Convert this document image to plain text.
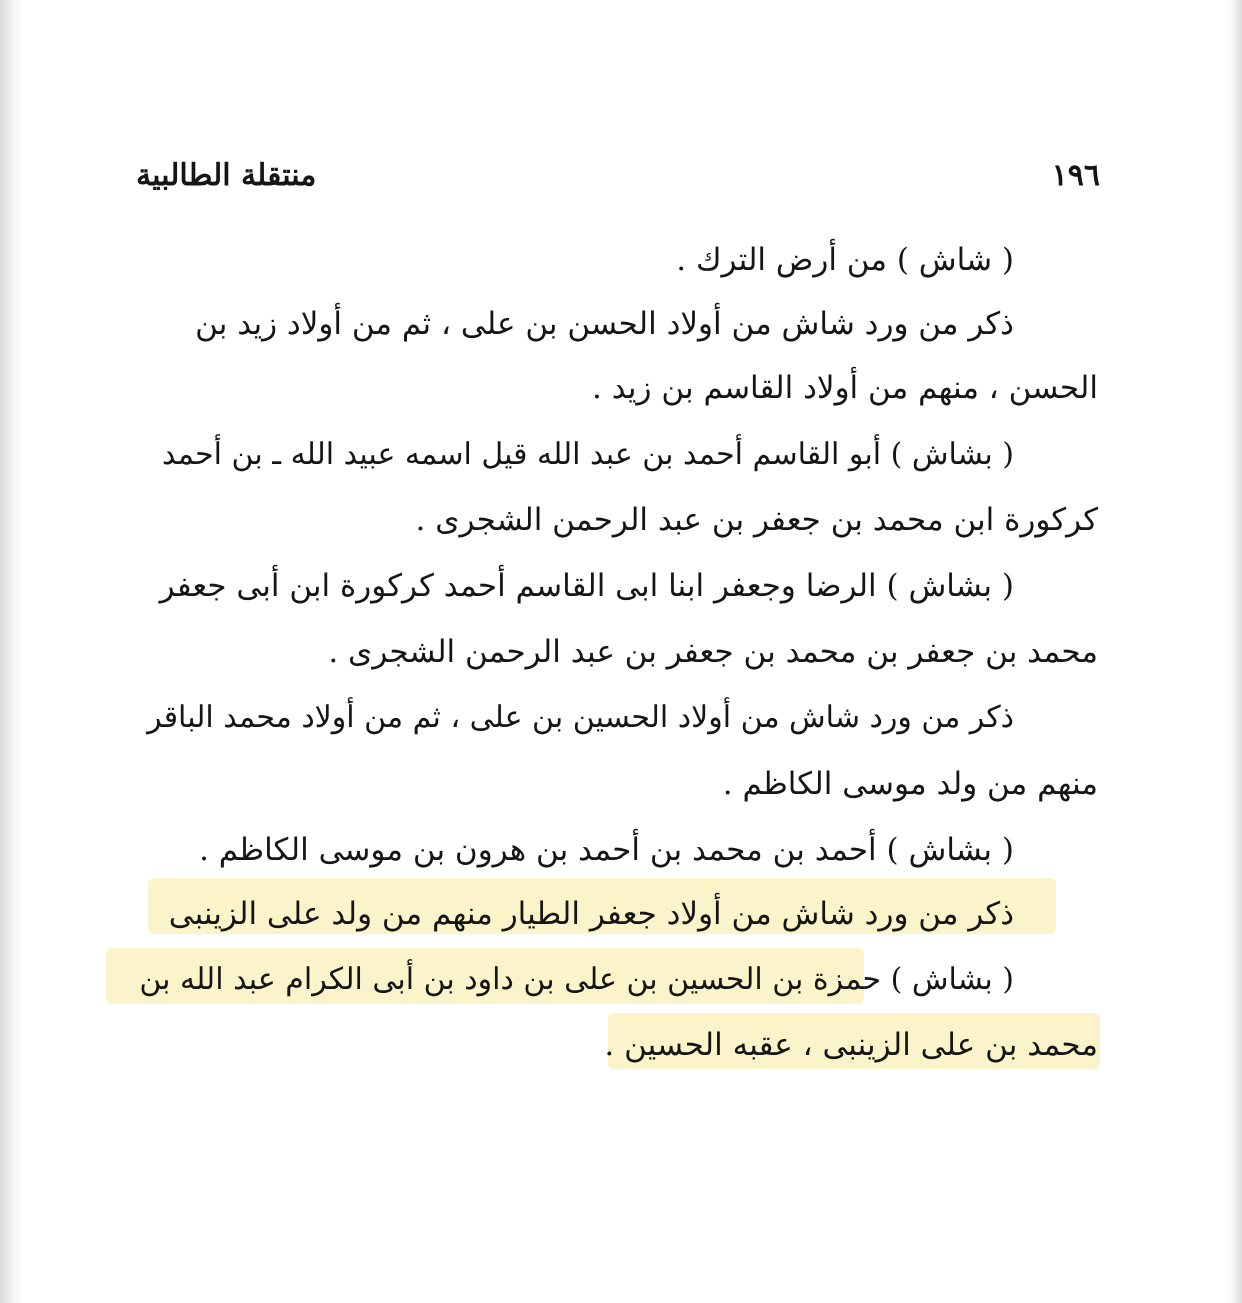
١٩٦
منتقلة الطالبية
( شاش ) من أرض الترك .
ذكر من ورد شاش من أولاد الحسن بن على ، ثم من أولاد زيد بن
الحسن ، منهم من أولاد القاسم بن زيد .
( بشاش ) أبو القاسم أحمد بن عبد الله قيل اسمه عبيد الله ـ بن أحمد
كركورة ابن محمد بن جعفر بن عبد الرحمن الشجرى .
( بشاش ) الرضا وجعفر ابنا ابى القاسم أحمد كركورة ابن أبى جعفر
محمد بن جعفر بن محمد بن جعفر بن عبد الرحمن الشجرى .
ذكر من ورد شاش من أولاد الحسين بن على ، ثم من أولاد محمد الباقر
منهم من ولد موسى الكاظم .
( بشاش ) أحمد بن محمد بن أحمد بن هرون بن موسى الكاظم .
ذكر من ورد شاش من أولاد جعفر الطيار منهم من ولد على الزينبى
( بشاش ) حمزة بن الحسين بن على بن داود بن أبى الكرام عبد الله بن
محمد بن على الزينبى ، عقبه الحسين .
